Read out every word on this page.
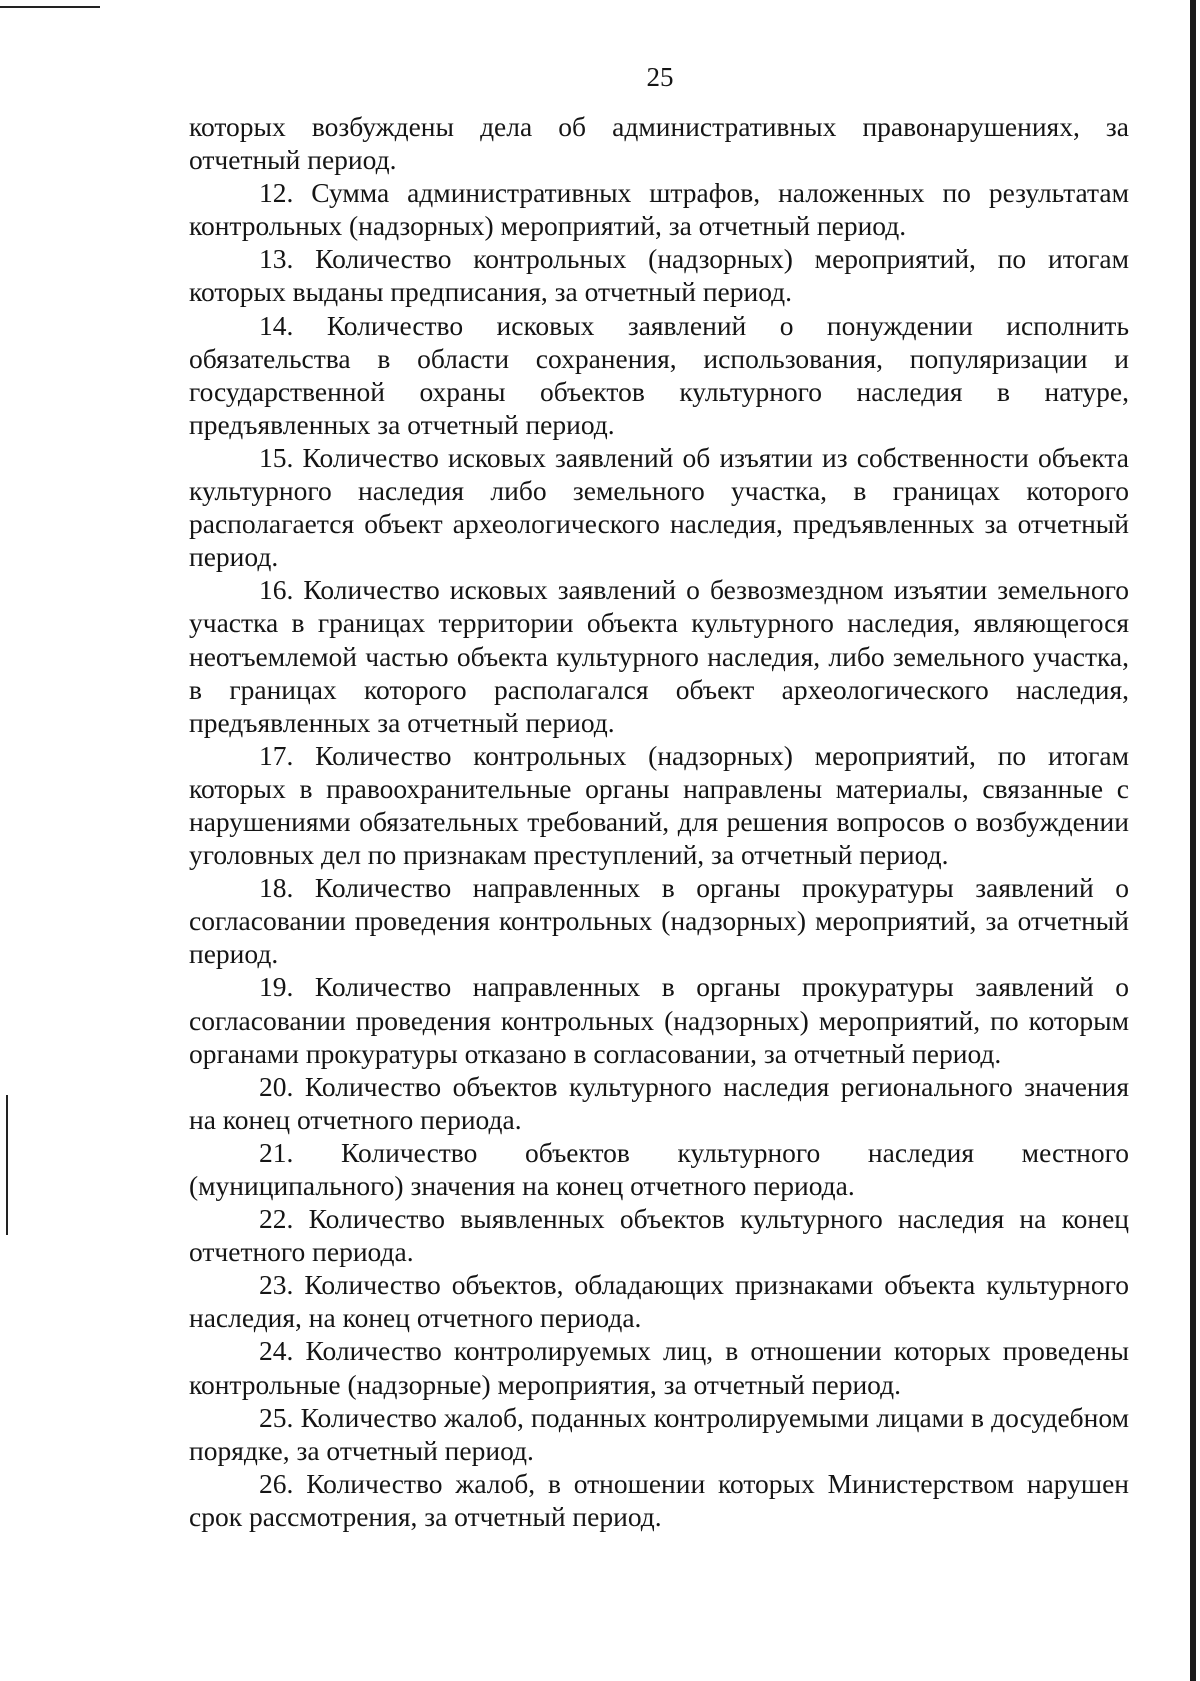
25

которых возбуждены дела об административных правонарушениях, за отчетный период.

12. Сумма административных штрафов, наложенных по результатам контрольных (надзорных) мероприятий, за отчетный период.

13. Количество контрольных (надзорных) мероприятий, по итогам которых выданы предписания, за отчетный период.

14. Количество исковых заявлений о понуждении исполнить обязательства в области сохранения, использования, популяризации и государственной охраны объектов культурного наследия в натуре, предъявленных за отчетный период.

15. Количество исковых заявлений об изъятии из собственности объекта культурного наследия либо земельного участка, в границах которого располагается объект археологического наследия, предъявленных за отчетный период.

16. Количество исковых заявлений о безвозмездном изъятии земельного участка в границах территории объекта культурного наследия, являющегося неотъемлемой частью объекта культурного наследия, либо земельного участка, в границах которого располагался объект археологического наследия, предъявленных за отчетный период.

17. Количество контрольных (надзорных) мероприятий, по итогам которых в правоохранительные органы направлены материалы, связанные с нарушениями обязательных требований, для решения вопросов о возбуждении уголовных дел по признакам преступлений, за отчетный период.

18. Количество направленных в органы прокуратуры заявлений о согласовании проведения контрольных (надзорных) мероприятий, за отчетный период.

19. Количество направленных в органы прокуратуры заявлений о согласовании проведения контрольных (надзорных) мероприятий, по которым органами прокуратуры отказано в согласовании, за отчетный период.

20. Количество объектов культурного наследия регионального значения на конец отчетного периода.

21. Количество объектов культурного наследия местного (муниципального) значения на конец отчетного периода.

22. Количество выявленных объектов культурного наследия на конец отчетного периода.

23. Количество объектов, обладающих признаками объекта культурного наследия, на конец отчетного периода.

24. Количество контролируемых лиц, в отношении которых проведены контрольные (надзорные) мероприятия, за отчетный период.

25. Количество жалоб, поданных контролируемыми лицами в досудебном порядке, за отчетный период.

26. Количество жалоб, в отношении которых Министерством нарушен срок рассмотрения, за отчетный период.
